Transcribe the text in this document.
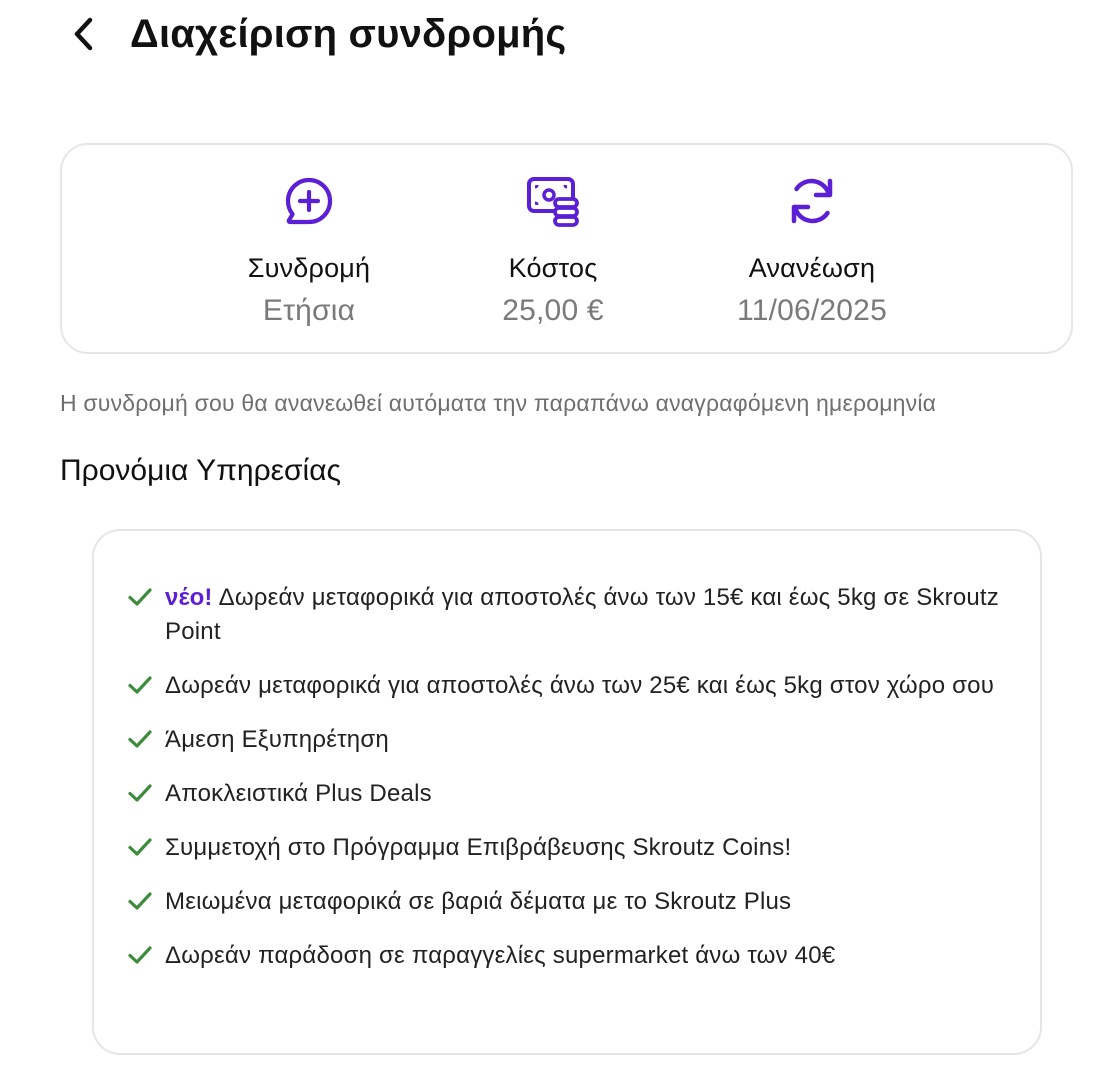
Διαχείριση συνδρομής
Συνδρομή
Ετήσια
Κόστος
25,00 €
Ανανέωση
11/06/2025
Η συνδρομή σου θα ανανεωθεί αυτόματα την παραπάνω αναγραφόμενη ημερομηνία
Προνόμια Υπηρεσίας
νέο! Δωρεάν μεταφορικά για αποστολές άνω των 15€ και έως 5kg σε Skroutz Point
Δωρεάν μεταφορικά για αποστολές άνω των 25€ και έως 5kg στον χώρο σου
Άμεση Εξυπηρέτηση
Αποκλειστικά Plus Deals
Συμμετοχή στο Πρόγραμμα Επιβράβευσης Skroutz Coins!
Μειωμένα μεταφορικά σε βαριά δέματα με το Skroutz Plus
Δωρεάν παράδοση σε παραγγελίες supermarket άνω των 40€
